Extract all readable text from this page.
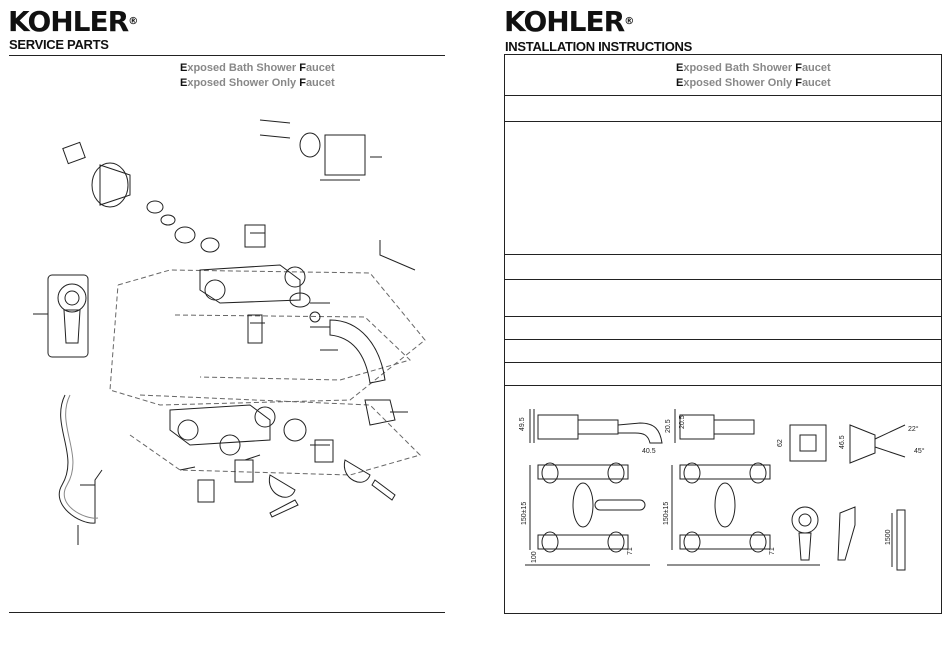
KOHLER®
SERVICE PARTS
Exposed Bath Shower Faucet
Exposed Shower Only Faucet
KOHLER®
INSTALLATION INSTRUCTIONS
Exposed Bath Shower Faucet
Exposed Shower Only Faucet
49.5
40.5
20.5 20.5
62	46.5
22°
45°
150±15	150±15
100
71	71
1500
